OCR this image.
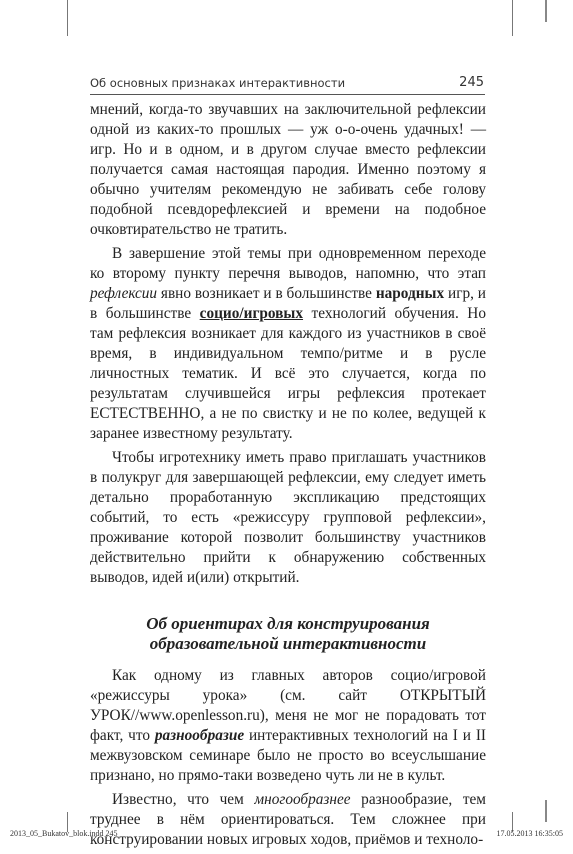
Об основных признаках интерактивности	245

мнений, когда-то звучавших на заключительной рефлексии одной из каких-то прошлых — уж о-о-очень удачных! — игр. Но и в одном, и в другом случае вместо рефлексии получается самая настоящая пародия. Именно поэтому я обычно учителям рекомендую не забивать себе голову подобной псевдорефлексией и времени на подобное очковтирательство не тратить.

В завершение этой темы при одновременном переходе ко второму пункту перечня выводов, напомню, что этап рефлексии явно возникает и в большинстве народных игр, и в большинстве социо/игровых технологий обучения. Но там рефлексия возникает для каждого из участников в своё время, в индивидуальном темпо/ритме и в русле личностных тематик. И всё это случается, когда по результатам случившейся игры рефлексия протекает ЕСТЕСТВЕННО, а не по свистку и не по колее, ведущей к заранее известному результату.

Чтобы игротехнику иметь право приглашать участников в полукруг для завершающей рефлексии, ему следует иметь детально проработанную экспликацию предстоящих событий, то есть «режиссуру групповой рефлексии», проживание которой позволит большинству участников действительно прийти к обнаружению собственных выводов, идей и(или) открытий.

Об ориентирах для конструирования
образовательной интерактивности

Как одному из главных авторов социо/игровой «режиссуры урока» (см. сайт ОТКРЫТЫЙ УРОК//www.openlesson.ru), меня не мог не порадовать тот факт, что разнообразие интерактивных технологий на I и II межвузовском семинаре было не просто во всеуслышание признано, но прямо-таки возведено чуть ли не в культ.

Известно, что чем многообразнее разнообразие, тем труднее в нём ориентироваться. Тем сложнее при конструировании новых игровых ходов, приёмов и техноло-

2013_05_Bukatov_blok.indd 245	17.05.2013 16:35:05
